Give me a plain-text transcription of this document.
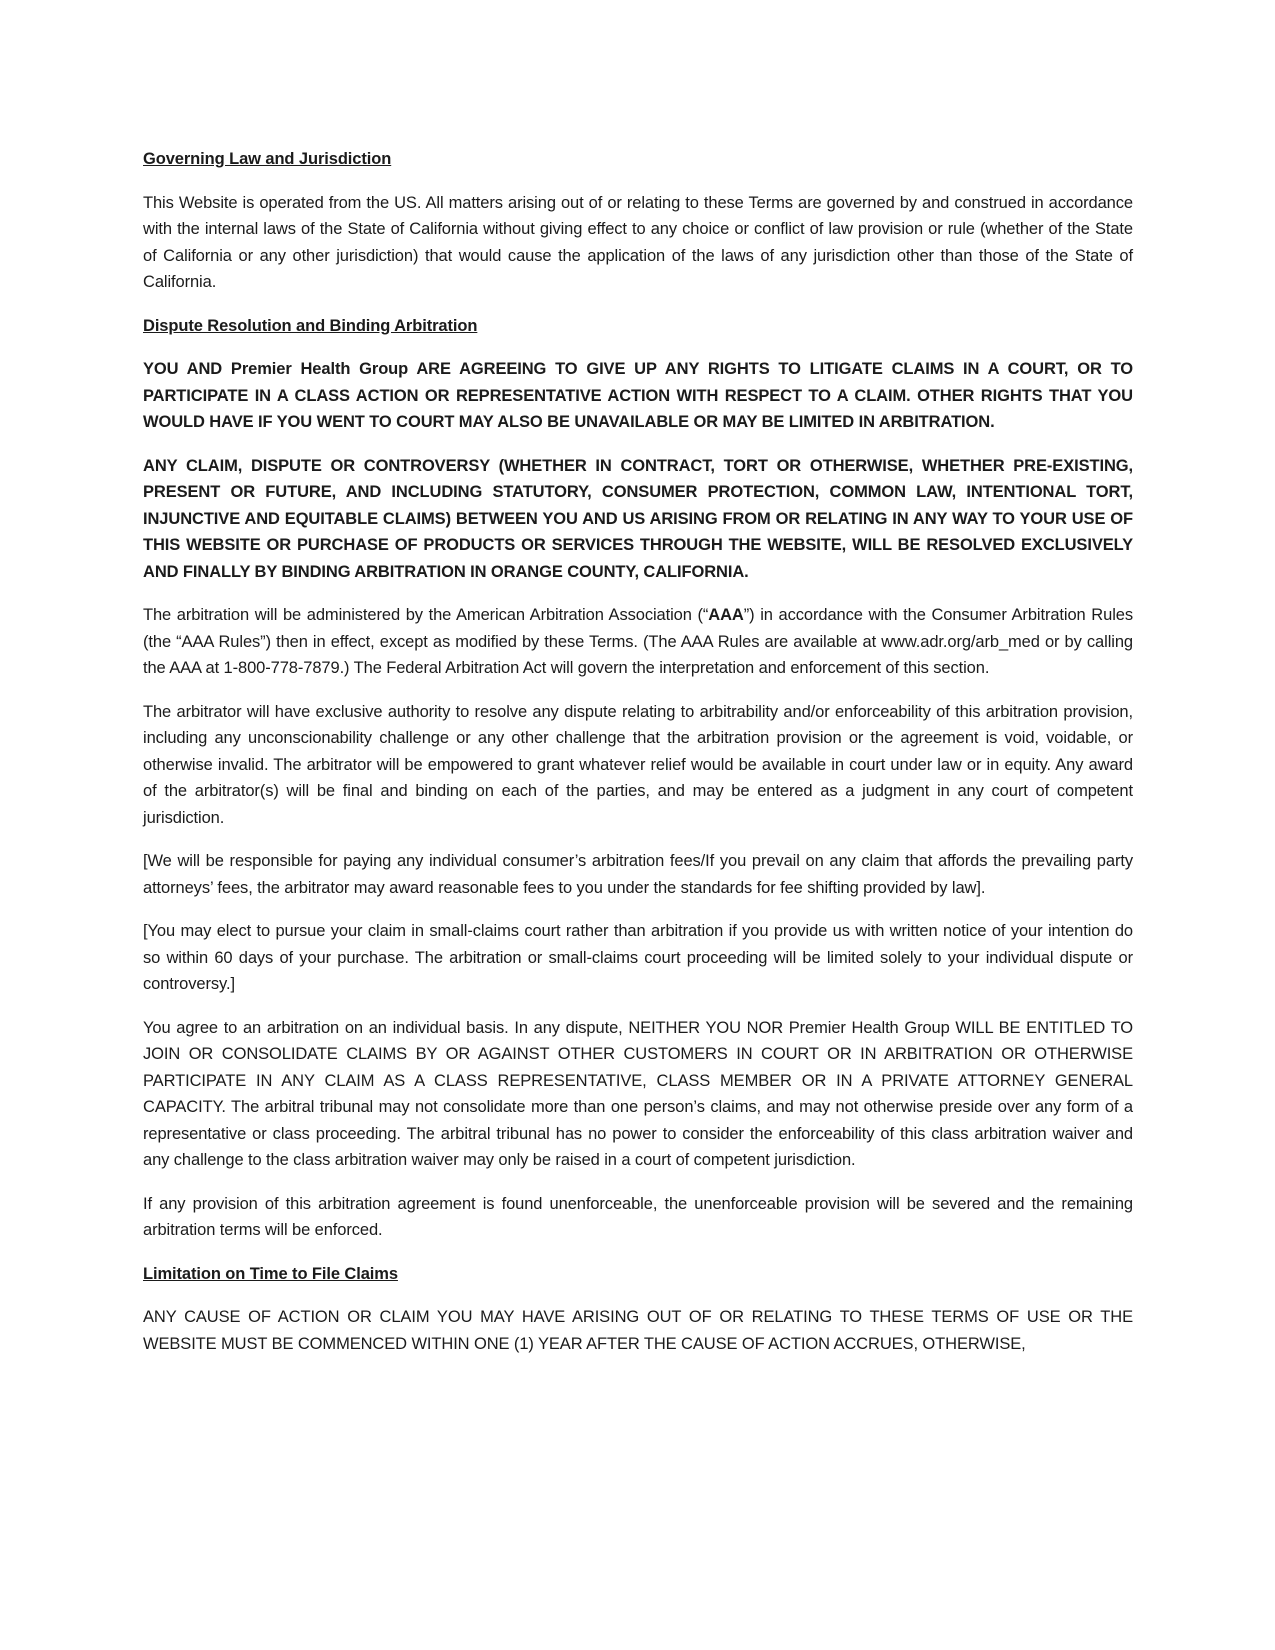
Governing Law and Jurisdiction

This Website is operated from the US. All matters arising out of or relating to these Terms are governed by and construed in accordance with the internal laws of the State of California without giving effect to any choice or conflict of law provision or rule (whether of the State of California or any other jurisdiction) that would cause the application of the laws of any jurisdiction other than those of the State of California.

Dispute Resolution and Binding Arbitration

YOU AND Premier Health Group ARE AGREEING TO GIVE UP ANY RIGHTS TO LITIGATE CLAIMS IN A COURT, OR TO PARTICIPATE IN A CLASS ACTION OR REPRESENTATIVE ACTION WITH RESPECT TO A CLAIM. OTHER RIGHTS THAT YOU WOULD HAVE IF YOU WENT TO COURT MAY ALSO BE UNAVAILABLE OR MAY BE LIMITED IN ARBITRATION.

ANY CLAIM, DISPUTE OR CONTROVERSY (WHETHER IN CONTRACT, TORT OR OTHERWISE, WHETHER PRE-EXISTING, PRESENT OR FUTURE, AND INCLUDING STATUTORY, CONSUMER PROTECTION, COMMON LAW, INTENTIONAL TORT, INJUNCTIVE AND EQUITABLE CLAIMS) BETWEEN YOU AND US ARISING FROM OR RELATING IN ANY WAY TO YOUR USE OF THIS WEBSITE OR PURCHASE OF PRODUCTS OR SERVICES THROUGH THE WEBSITE, WILL BE RESOLVED EXCLUSIVELY AND FINALLY BY BINDING ARBITRATION IN ORANGE COUNTY, CALIFORNIA.

The arbitration will be administered by the American Arbitration Association (“AAA”) in accordance with the Consumer Arbitration Rules (the “AAA Rules”) then in effect, except as modified by these Terms. (The AAA Rules are available at www.adr.org/arb_med or by calling the AAA at 1-800-778-7879.) The Federal Arbitration Act will govern the interpretation and enforcement of this section.

The arbitrator will have exclusive authority to resolve any dispute relating to arbitrability and/or enforceability of this arbitration provision, including any unconscionability challenge or any other challenge that the arbitration provision or the agreement is void, voidable, or otherwise invalid. The arbitrator will be empowered to grant whatever relief would be available in court under law or in equity. Any award of the arbitrator(s) will be final and binding on each of the parties, and may be entered as a judgment in any court of competent jurisdiction.

[We will be responsible for paying any individual consumer’s arbitration fees/If you prevail on any claim that affords the prevailing party attorneys’ fees, the arbitrator may award reasonable fees to you under the standards for fee shifting provided by law].

[You may elect to pursue your claim in small-claims court rather than arbitration if you provide us with written notice of your intention do so within 60 days of your purchase. The arbitration or small-claims court proceeding will be limited solely to your individual dispute or controversy.]

You agree to an arbitration on an individual basis. In any dispute, NEITHER YOU NOR Premier Health Group WILL BE ENTITLED TO JOIN OR CONSOLIDATE CLAIMS BY OR AGAINST OTHER CUSTOMERS IN COURT OR IN ARBITRATION OR OTHERWISE PARTICIPATE IN ANY CLAIM AS A CLASS REPRESENTATIVE, CLASS MEMBER OR IN A PRIVATE ATTORNEY GENERAL CAPACITY. The arbitral tribunal may not consolidate more than one person’s claims, and may not otherwise preside over any form of a representative or class proceeding. The arbitral tribunal has no power to consider the enforceability of this class arbitration waiver and any challenge to the class arbitration waiver may only be raised in a court of competent jurisdiction.

If any provision of this arbitration agreement is found unenforceable, the unenforceable provision will be severed and the remaining arbitration terms will be enforced.

Limitation on Time to File Claims

ANY CAUSE OF ACTION OR CLAIM YOU MAY HAVE ARISING OUT OF OR RELATING TO THESE TERMS OF USE OR THE WEBSITE MUST BE COMMENCED WITHIN ONE (1) YEAR AFTER THE CAUSE OF ACTION ACCRUES, OTHERWISE,
